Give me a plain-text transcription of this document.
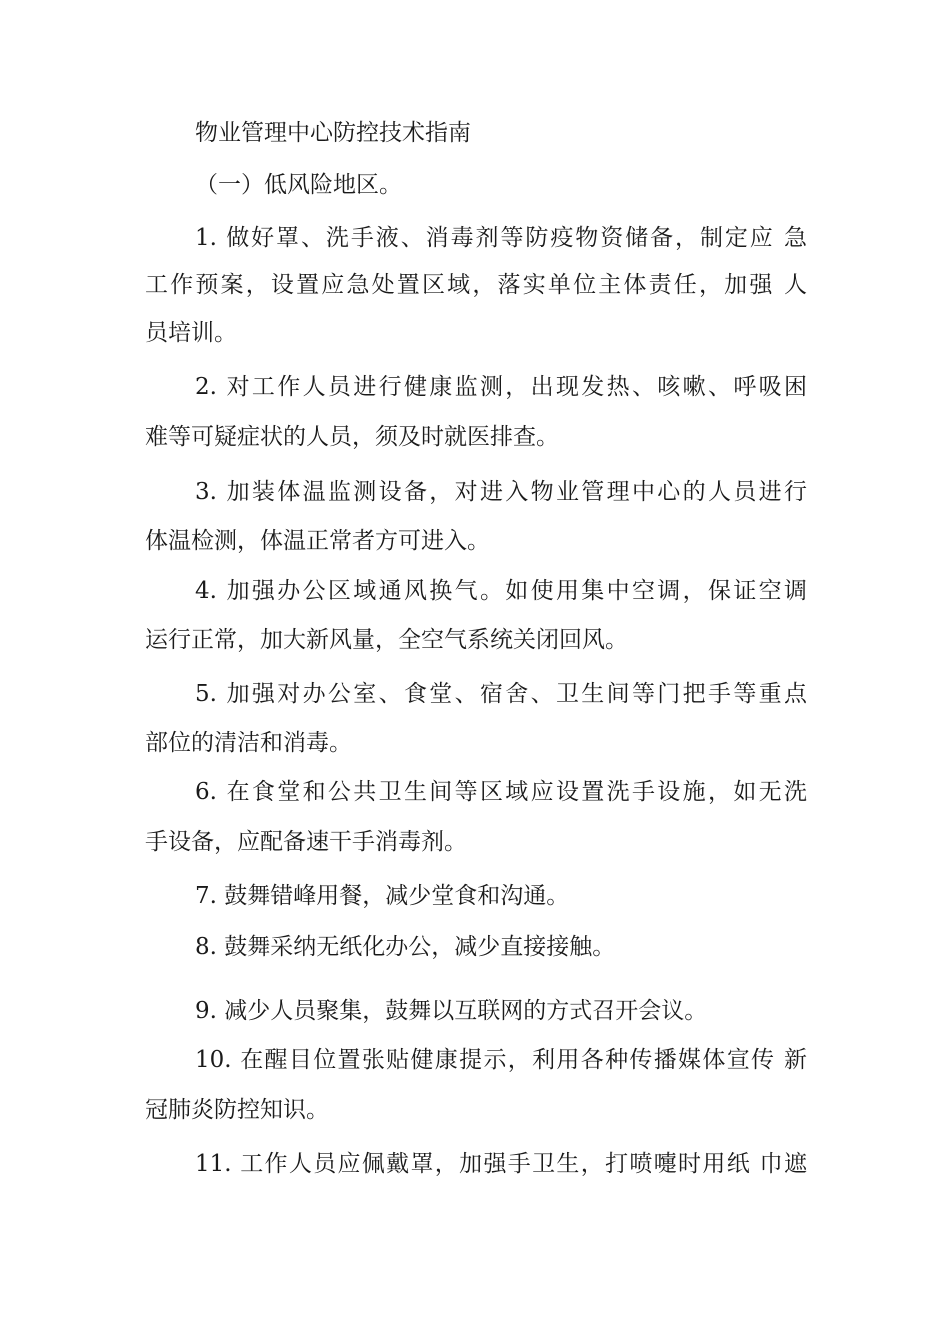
物业管理中心防控技术指南
（一）低风险地区。
1. 做好罩、洗手液、消毒剂等防疫物资储备，制定应 急
工作预案，设置应急处置区域，落实单位主体责任，加强 人
员培训。
2. 对工作人员进行健康监测，出现发热、咳嗽、呼吸困
难等可疑症状的人员，须及时就医排查。
3. 加装体温监测设备，对进入物业管理中心的人员进行
体温检测，体温正常者方可进入。
4. 加强办公区域通风换气。如使用集中空调，保证空调
运行正常，加大新风量，全空气系统关闭回风。
5. 加强对办公室、食堂、宿舍、卫生间等门把手等重点
部位的清洁和消毒。
6. 在食堂和公共卫生间等区域应设置洗手设施，如无洗
手设备，应配备速干手消毒剂。
7. 鼓舞错峰用餐，减少堂食和沟通。
8. 鼓舞采纳无纸化办公，减少直接接触。
9. 减少人员聚集，鼓舞以互联网的方式召开会议。
10. 在醒目位置张贴健康提示，利用各种传播媒体宣传 新
冠肺炎防控知识。
11. 工作人员应佩戴罩，加强手卫生，打喷嚏时用纸 巾遮
